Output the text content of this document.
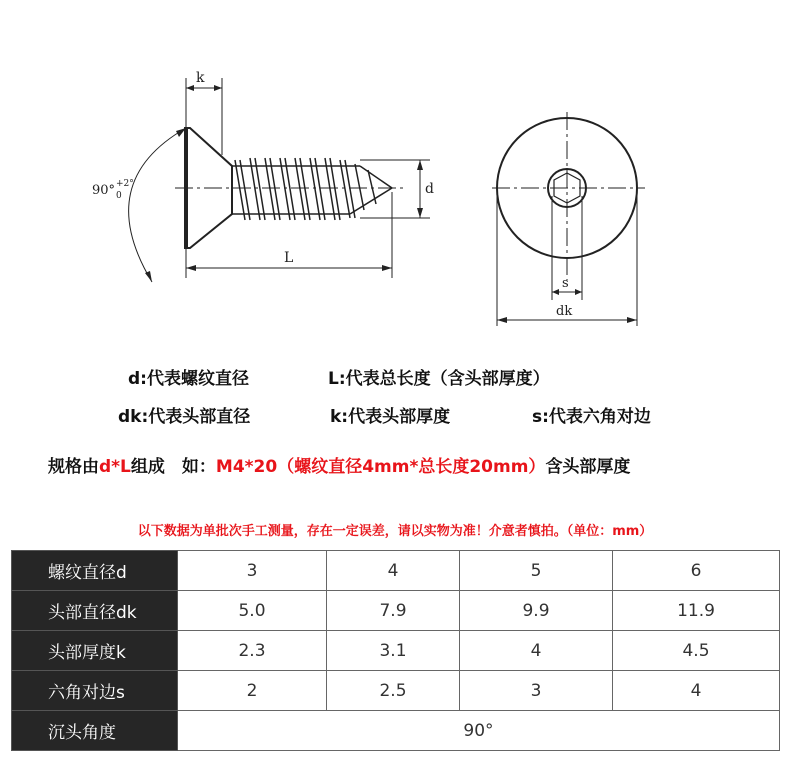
k
L
d
90° +2°
0
s
dk
d:代表螺纹直径	L:代表总长度（含头部厚度）
dk:代表头部直径	k:代表头部厚度	s:代表六角对边
规格由d*L组成　如：M4*20（螺纹直径4mm*总长度20mm）含头部厚度
以下数据为单批次手工测量，存在一定误差，请以实物为准！介意者慎拍。（单位：mm）
螺纹直径d	3	4	5	6
头部直径dk	5.0	7.9	9.9	11.9
头部厚度k	2.3	3.1	4	4.5
六角对边s	2	2.5	3	4
沉头角度	90°			
